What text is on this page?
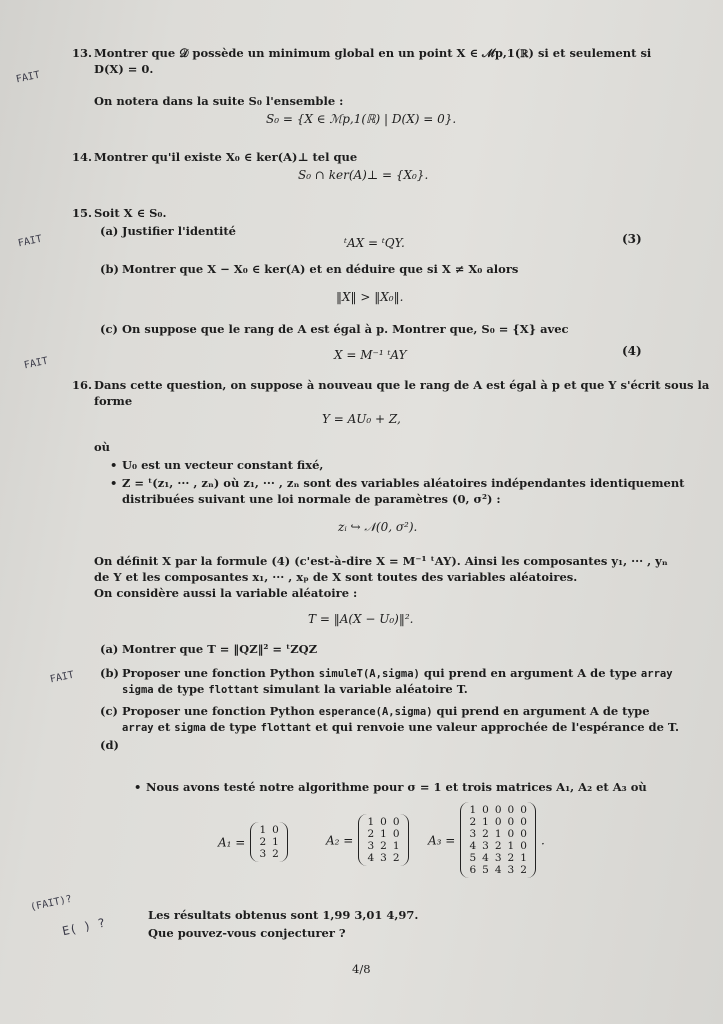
FAIT
FAIT
FAIT
FAIT
(FAIT)?
E( ) ?
13. Montrer que 𝒟 possède un minimum global en un point X ∈ ℳp,1(ℝ) si et seulement si
D(X) = 0.
On notera dans la suite S₀ l'ensemble :
S₀ = {X ∈ ℳp,1(ℝ) | D(X) = 0}.
14. Montrer qu'il existe X₀ ∈ ker(A)⊥ tel que
S₀ ∩ ker(A)⊥ = {X₀}.
15. Soit X ∈ S₀.
(a) Justifier l'identité
ᵗAX = ᵗQY.	(3)
(b) Montrer que X − X₀ ∈ ker(A) et en déduire que si X ≠ X₀ alors
‖X‖ > ‖X₀‖.
(c) On suppose que le rang de A est égal à p. Montrer que, S₀ = {X} avec
X = M⁻¹ ᵗAY	(4)
16. Dans cette question, on suppose à nouveau que le rang de A est égal à p et que Y s'écrit sous la
forme
Y = AU₀ + Z,
où
• U₀ est un vecteur constant fixé,
• Z = ᵗ(z₁, ··· , zₙ) où z₁, ··· , zₙ sont des variables aléatoires indépendantes identiquement
distribuées suivant une loi normale de paramètres (0, σ²) :
zᵢ ↪ 𝒩(0, σ²).
On définit X par la formule (4) (c'est-à-dire X = M⁻¹ ᵗAY). Ainsi les composantes y₁, ··· , yₙ
de Y et les composantes x₁, ··· , xₚ de X sont toutes des variables aléatoires.
On considère aussi la variable aléatoire :
T = ‖A(X − U₀)‖².
(a) Montrer que T = ‖QZ‖² = ᵗZQZ
(b) Proposer une fonction Python simuleT(A,sigma) qui prend en argument A de type array
sigma de type flottant simulant la variable aléatoire T.
(c) Proposer une fonction Python esperance(A,sigma) qui prend en argument A de type
array et sigma de type flottant et qui renvoie une valeur approchée de l'espérance de T.
(d)
• Nous avons testé notre algorithme pour σ = 1 et trois matrices A₁, A₂ et A₃ où
A₁ =
1	0
2	1
3	2
A₂ =
1	0	0
2	1	0
3	2	1
4	3	2
A₃ =
1	0	0	0	0
2	1	0	0	0
3	2	1	0	0
4	3	2	1	0
5	4	3	2	1
6	5	4	3	2
.
Les résultats obtenus sont 1,99 3,01 4,97.
Que pouvez-vous conjecturer ?
4/8
